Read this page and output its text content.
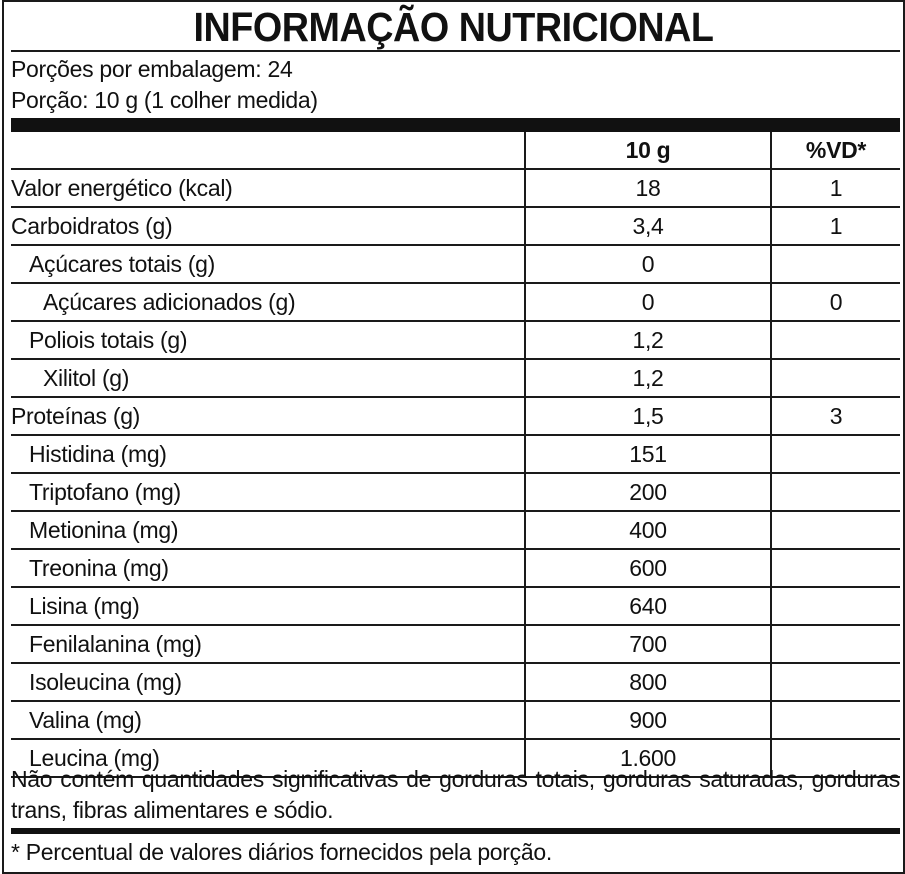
INFORMAÇÃO NUTRICIONAL
Porções por embalagem: 24
Porção: 10 g (1 colher medida)
	10 g	%VD*
Valor energético (kcal)	18	1
Carboidratos (g)	3,4	1
Açúcares totais (g)	0	
Açúcares adicionados (g)	0	0
Poliois totais (g)	1,2	
Xilitol (g)	1,2	
Proteínas (g)	1,5	3
Histidina (mg)	151	
Triptofano (mg)	200	
Metionina (mg)	400	
Treonina (mg)	600	
Lisina (mg)	640	
Fenilalanina (mg)	700	
Isoleucina (mg)	800	
Valina (mg)	900	
Leucina (mg)	1.600	
Não contém quantidades significativas de gorduras totais, gorduras saturadas, gorduras trans, fibras alimentares e sódio.
* Percentual de valores diários fornecidos pela porção.
